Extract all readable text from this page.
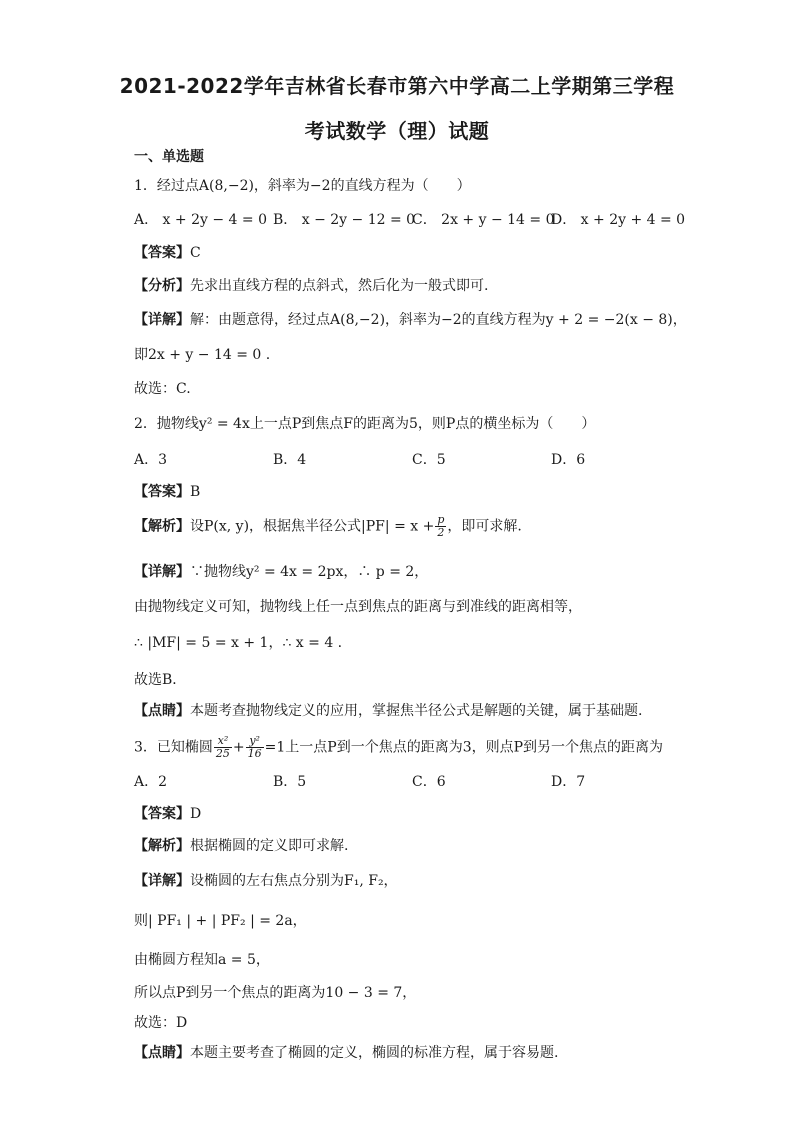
2021-2022学年吉林省长春市第六中学高二上学期第三学程
考试数学（理）试题
一、单选题
1．经过点A(8,−2)，斜率为−2的直线方程为（　　）
A． x + 2y − 4 = 0 B． x − 2y − 12 = 0
C． 2x + y − 14 = 0
D． x + 2y + 4 = 0
【答案】C
【分析】先求出直线方程的点斜式，然后化为一般式即可.
【详解】解：由题意得，经过点A(8,−2)，斜率为−2的直线方程为y + 2 = −2(x − 8)，
即2x + y − 14 = 0 .
故选：C.
2．抛物线y² = 4x上一点P到焦点F的距离为5，则P点的横坐标为（　　）
A．3	B．4	C．5	D．6
【答案】B
【解析】设P(x, y)，根据焦半径公式$|PF| = x + \frac{p}{2}$ ，即可求解.
【详解】∵抛物线y² = 4x = 2px，∴ p = 2，
由抛物线定义可知，抛物线上任一点到焦点的距离与到准线的距离相等，
∴ |MF| = 5 = x + 1，∴ x = 4 .
故选B．
【点睛】本题考查抛物线定义的应用，掌握焦半径公式是解题的关键，属于基础题.
3．已知椭圆 $\frac{\text{x²}}{25} + \frac{\text{y²}}{16} =1$上一点P到一个焦点的距离为3，则点P到另一个焦点的距离为
A．2	B．5	C．6	D．7
【答案】D
【解析】根据椭圆的定义即可求解.
【详解】设椭圆的左右焦点分别为F₁, F₂，
则| PF₁ | + | PF₂ | = 2a，
由椭圆方程知a = 5，
所以点P到另一个焦点的距离为10 − 3 = 7，
故选：D
【点睛】本题主要考查了椭圆的定义，椭圆的标准方程，属于容易题.
